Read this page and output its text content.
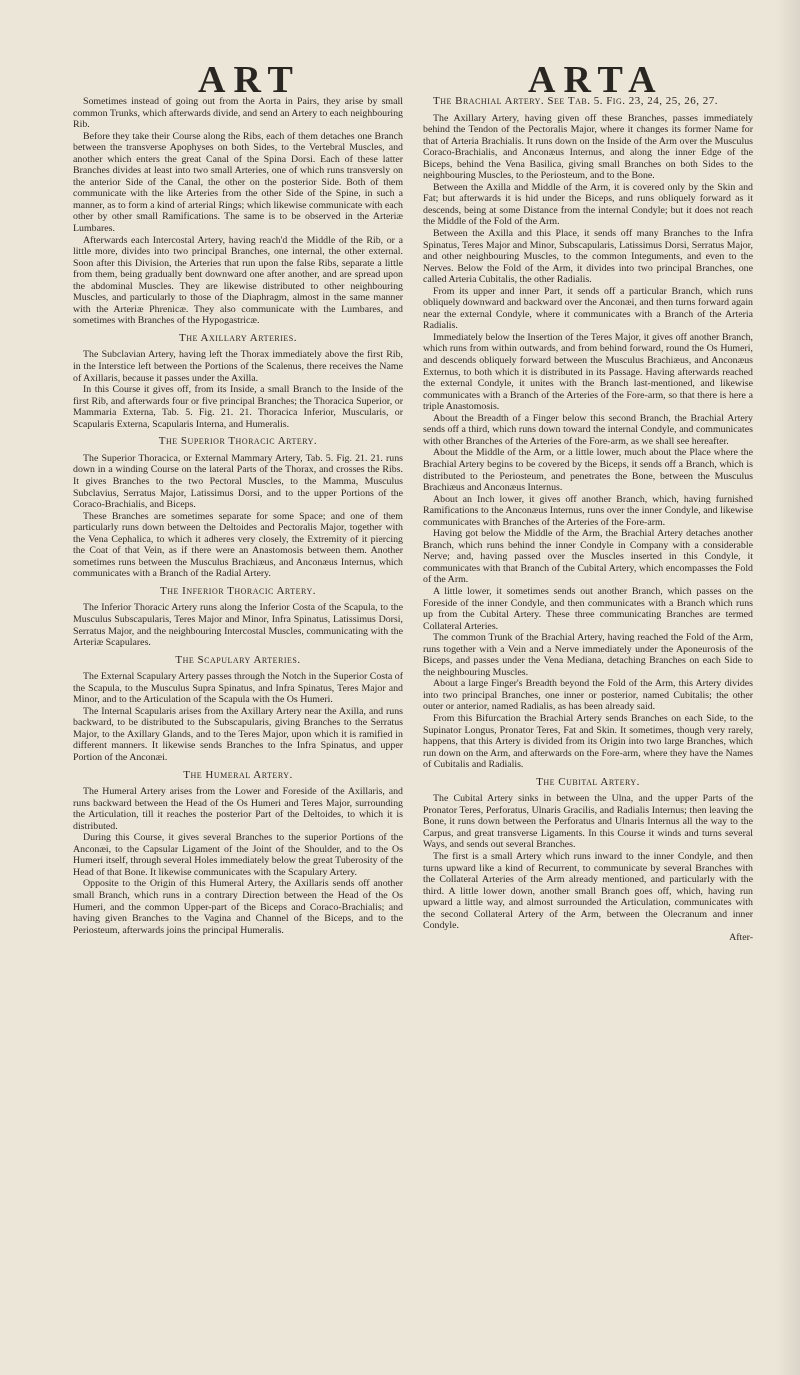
ART	ARTA

Sometimes instead of going out from the Aorta in Pairs, they arise by small common Trunks, which afterwards divide, and send an Artery to each neighbouring Rib.

Before they take their Course along the Ribs, each of them detaches one Branch between the transverse Apophyses on both Sides, to the Vertebral Muscles, and another which enters the great Canal of the Spina Dorsi. Each of these latter Branches divides at least into two small Arteries, one of which runs transversly on the anterior Side of the Canal, the other on the posterior Side. Both of them communicate with the like Arteries from the other Side of the Spine, in such a manner, as to form a kind of arterial Rings; which likewise communicate with each other by other small Ramifications. The same is to be observed in the Arteriæ Lumbares.

Afterwards each Intercostal Artery, having reach'd the Middle of the Rib, or a little more, divides into two principal Branches, one internal, the other external. Soon after this Division, the Arteries that run upon the false Ribs, separate a little from them, being gradually bent downward one after another, and are spread upon the abdominal Muscles. They are likewise distributed to other neighbouring Muscles, and particularly to those of the Diaphragm, almost in the same manner with the Arteriæ Phrenicæ. They also communicate with the Lumbares, and sometimes with Branches of the Hypogastricæ.

The Axillary Arteries.

The Subclavian Artery, having left the Thorax immediately above the first Rib, in the Interstice left between the Portions of the Scalenus, there receives the Name of Axillaris, because it passes under the Axilla.

In this Course it gives off, from its Inside, a small Branch to the Inside of the first Rib, and afterwards four or five principal Branches; the Thoracica Superior, or Mammaria Externa, Tab. 5. Fig. 21. 21. Thoracica Inferior, Muscularis, or Scapularis Externa, Scapularis Interna, and Humeralis.

The Superior Thoracic Artery.

The Superior Thoracica, or External Mammary Artery, Tab. 5. Fig. 21. 21. runs down in a winding Course on the lateral Parts of the Thorax, and crosses the Ribs. It gives Branches to the two Pectoral Muscles, to the Mamma, Musculus Subclavius, Serratus Major, Latissimus Dorsi, and to the upper Portions of the Coraco-Brachialis, and Biceps.

These Branches are sometimes separate for some Space; and one of them particularly runs down between the Deltoides and Pectoralis Major, together with the Vena Cephalica, to which it adheres very closely, the Extremity of it piercing the Coat of that Vein, as if there were an Anastomosis between them. Another sometimes runs between the Musculus Brachiæus, and Anconæus Internus, which communicates with a Branch of the Radial Artery.

The Inferior Thoracic Artery.

The Inferior Thoracic Artery runs along the Inferior Costa of the Scapula, to the Musculus Subscapularis, Teres Major and Minor, Infra Spinatus, Latissimus Dorsi, Serratus Major, and the neighbouring Intercostal Muscles, communicating with the Arteriæ Scapulares.

The Scapulary Arteries.

The External Scapulary Artery passes through the Notch in the Superior Costa of the Scapula, to the Musculus Supra Spinatus, and Infra Spinatus, Teres Major and Minor, and to the Articulation of the Scapula with the Os Humeri.

The Internal Scapularis arises from the Axillary Artery near the Axilla, and runs backward, to be distributed to the Subscapularis, giving Branches to the Serratus Major, to the Axillary Glands, and to the Teres Major, upon which it is ramified in different manners. It likewise sends Branches to the Infra Spinatus, and upper Portion of the Anconæi.

The Humeral Artery.

The Humeral Artery arises from the Lower and Foreside of the Axillaris, and runs backward between the Head of the Os Humeri and Teres Major, surrounding the Articulation, till it reaches the posterior Part of the Deltoides, to which it is distributed.

During this Course, it gives several Branches to the superior Portions of the Anconæi, to the Capsular Ligament of the Joint of the Shoulder, and to the Os Humeri itself, through several Holes immediately below the great Tuberosity of the Head of that Bone. It likewise communicates with the Scapulary Artery.

Opposite to the Origin of this Humeral Artery, the Axillaris sends off another small Branch, which runs in a contrary Direction between the Head of the Os Humeri, and the common Upper-part of the Biceps and Coraco-Brachialis; and having given Branches to the Vagina and Channel of the Biceps, and to the Periosteum, afterwards joins the principal Humeralis.

The Brachial Artery. See Tab. 5. Fig. 23, 24, 25, 26, 27.

The Axillary Artery, having given off these Branches, passes immediately behind the Tendon of the Pectoralis Major, where it changes its former Name for that of Arteria Brachialis. It runs down on the Inside of the Arm over the Musculus Coraco-Brachialis, and Anconæus Internus, and along the inner Edge of the Biceps, behind the Vena Basilica, giving small Branches on both Sides to the neighbouring Muscles, to the Periosteum, and to the Bone.

Between the Axilla and Middle of the Arm, it is covered only by the Skin and Fat; but afterwards it is hid under the Biceps, and runs obliquely forward as it descends, being at some Distance from the internal Condyle; but it does not reach the Middle of the Fold of the Arm.

Between the Axilla and this Place, it sends off many Branches to the Infra Spinatus, Teres Major and Minor, Subscapularis, Latissimus Dorsi, Serratus Major, and other neighbouring Muscles, to the common Integuments, and even to the Nerves. Below the Fold of the Arm, it divides into two principal Branches, one called Arteria Cubitalis, the other Radialis.

From its upper and inner Part, it sends off a particular Branch, which runs obliquely downward and backward over the Anconæi, and then turns forward again near the external Condyle, where it communicates with a Branch of the Arteria Radialis.

Immediately below the Insertion of the Teres Major, it gives off another Branch, which runs from within outwards, and from behind forward, round the Os Humeri, and descends obliquely forward between the Musculus Brachiæus, and Anconæus Externus, to both which it is distributed in its Passage. Having afterwards reached the external Condyle, it unites with the Branch last-mentioned, and likewise communicates with a Branch of the Arteries of the Fore-arm, so that there is here a triple Anastomosis.

About the Breadth of a Finger below this second Branch, the Brachial Artery sends off a third, which runs down toward the internal Condyle, and communicates with other Branches of the Arteries of the Fore-arm, as we shall see hereafter.

About the Middle of the Arm, or a little lower, much about the Place where the Brachial Artery begins to be covered by the Biceps, it sends off a Branch, which is distributed to the Periosteum, and penetrates the Bone, between the Musculus Brachiæus and Anconæus Internus.

About an Inch lower, it gives off another Branch, which, having furnished Ramifications to the Anconæus Internus, runs over the inner Condyle, and likewise communicates with Branches of the Arteries of the Fore-arm.

Having got below the Middle of the Arm, the Brachial Artery detaches another Branch, which runs behind the inner Condyle in Company with a considerable Nerve; and, having passed over the Muscles inserted in this Condyle, it communicates with that Branch of the Cubital Artery, which encompasses the Fold of the Arm.

A little lower, it sometimes sends out another Branch, which passes on the Foreside of the inner Condyle, and then communicates with a Branch which runs up from the Cubital Artery. These three communicating Branches are termed Collateral Arteries.

The common Trunk of the Brachial Artery, having reached the Fold of the Arm, runs together with a Vein and a Nerve immediately under the Aponeurosis of the Biceps, and passes under the Vena Mediana, detaching Branches on each Side to the neighbouring Muscles.

About a large Finger's Breadth beyond the Fold of the Arm, this Artery divides into two principal Branches, one inner or posterior, named Cubitalis; the other outer or anterior, named Radialis, as has been already said.

From this Bifurcation the Brachial Artery sends Branches on each Side, to the Supinator Longus, Pronator Teres, Fat and Skin. It sometimes, though very rarely, happens, that this Artery is divided from its Origin into two large Branches, which run down on the Arm, and afterwards on the Fore-arm, where they have the Names of Cubitalis and Radialis.

The Cubital Artery.

The Cubital Artery sinks in between the Ulna, and the upper Parts of the Pronator Teres, Perforatus, Ulnaris Gracilis, and Radialis Internus; then leaving the Bone, it runs down between the Perforatus and Ulnaris Internus all the way to the Carpus, and great transverse Ligaments. In this Course it winds and turns several Ways, and sends out several Branches.

The first is a small Artery which runs inward to the inner Condyle, and then turns upward like a kind of Recurrent, to communicate by several Branches with the Collateral Arteries of the Arm already mentioned, and particularly with the third. A little lower down, another small Branch goes off, which, having run upward a little way, and almost surrounded the Articulation, communicates with the second Collateral Artery of the Arm, between the Olecranum and inner Condyle.

After-
